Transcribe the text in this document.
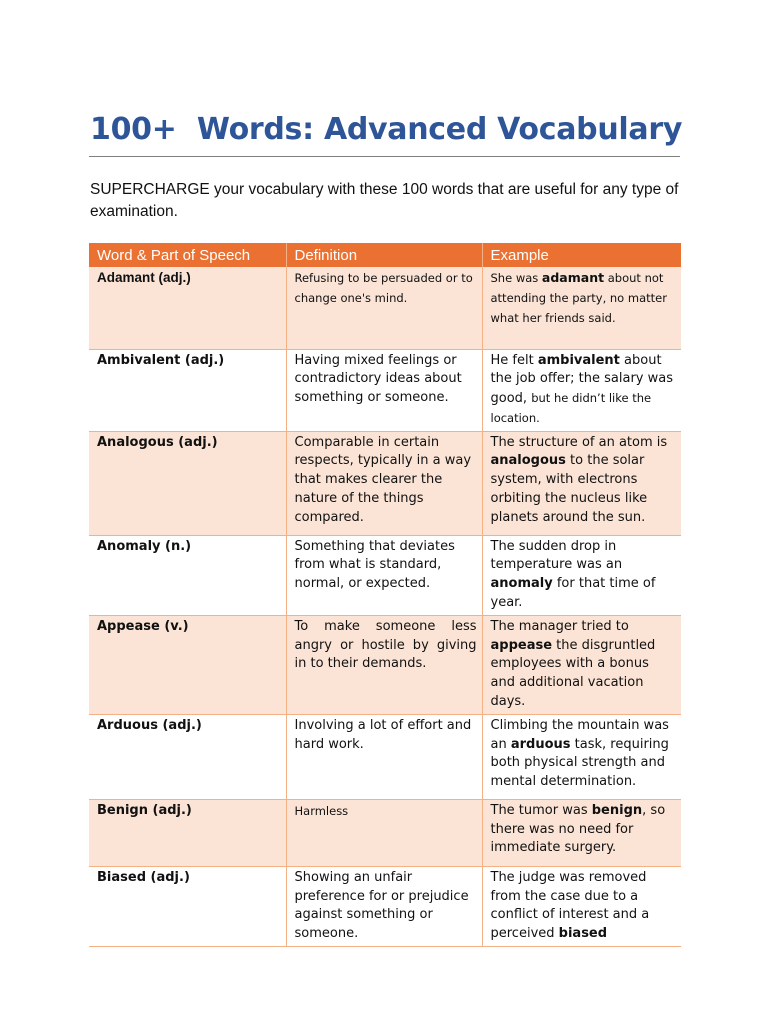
100+  Words: Advanced Vocabulary

SUPERCHARGE your vocabulary with these 100 words that are useful for any type of examination.

Word & Part of Speech	Definition	Example
Adamant (adj.)	Refusing to be persuaded or to change one's mind.	She was adamant about not attending the party, no matter what her friends said.
Ambivalent (adj.)	Having mixed feelings or contradictory ideas about something or someone.	He felt ambivalent about the job offer; the salary was good, but he didn’t like the location.
Analogous (adj.)	Comparable in certain respects, typically in a way that makes clearer the nature of the things compared.	The structure of an atom is analogous to the solar system, with electrons orbiting the nucleus like planets around the sun.
Anomaly (n.)	Something that deviates from what is standard, normal, or expected.	The sudden drop in temperature was an anomaly for that time of year.
Appease (v.)	To make someone less angry or hostile by giving in to their demands.	The manager tried to appease the disgruntled employees with a bonus and additional vacation days.
Arduous (adj.)	Involving a lot of effort and hard work.	Climbing the mountain was an arduous task, requiring both physical strength and mental determination.
Benign (adj.)	Harmless	The tumor was benign, so there was no need for immediate surgery.
Biased (adj.)	Showing an unfair preference for or prejudice against something or someone.	The judge was removed from the case due to a conflict of interest and a perceived biased
